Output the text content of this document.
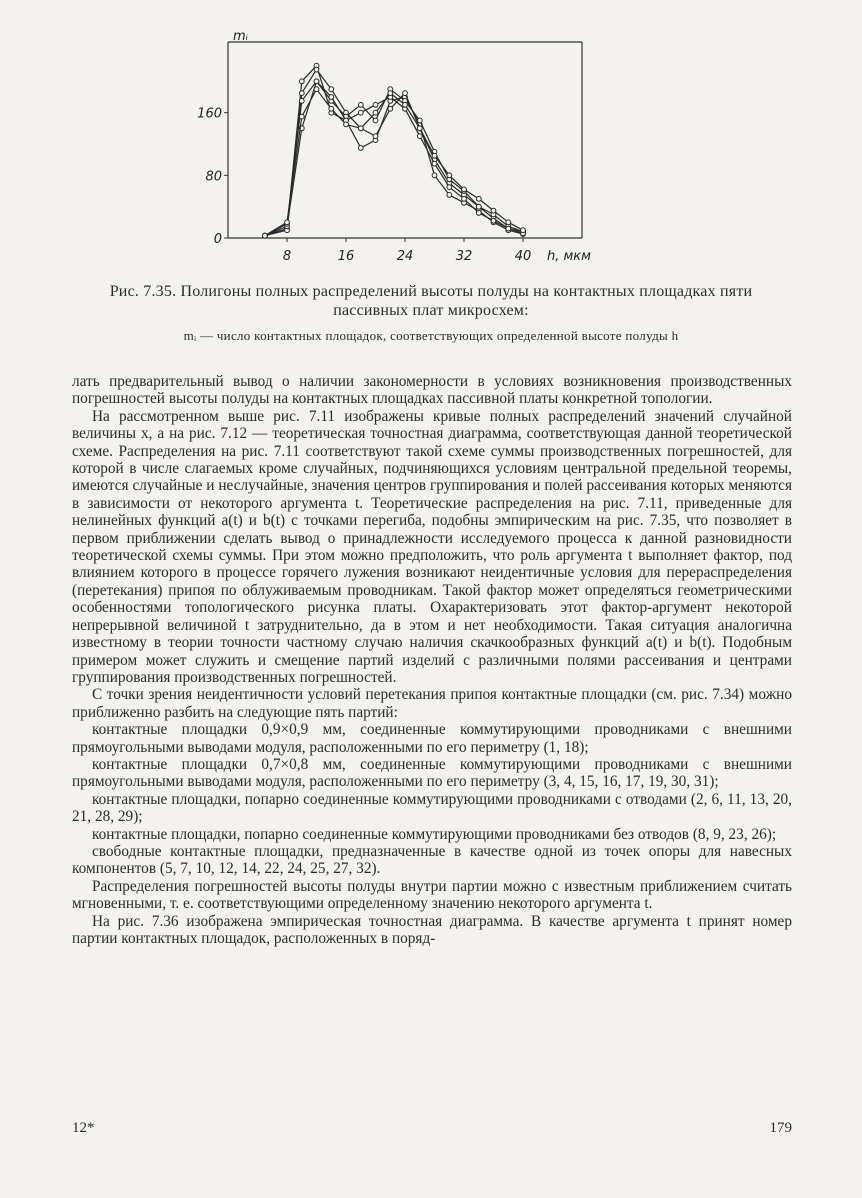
0
80
160
8	16	24	32	40
mᵢ
h, мкм
Рис. 7.35. Полигоны полных распределений высоты полуды на контактных площадках пяти пассивных плат микросхем:
mᵢ — число контактных площадок, соответствующих определенной высоте полуды h

лать предварительный вывод о наличии закономерности в условиях возникновения производственных погрешностей высоты полуды на контактных площадках пассивной платы конкретной топологии.

На рассмотренном выше рис. 7.11 изображены кривые полных распределений значений случайной величины x, а на рис. 7.12 — теоретическая точностная диаграмма, соответствующая данной теоретической схеме. Распределения на рис. 7.11 соответствуют такой схеме суммы производственных погрешностей, для которой в числе слагаемых кроме случайных, подчиняющихся условиям центральной предельной теоремы, имеются случайные и неслучайные, значения центров группирования и полей рассеивания которых меняются в зависимости от некоторого аргумента t. Теоретические распределения на рис. 7.11, приведенные для нелинейных функций a(t) и b(t) с точками перегиба, подобны эмпирическим на рис. 7.35, что позволяет в первом приближении сделать вывод о принадлежности исследуемого процесса к данной разновидности теоретической схемы суммы. При этом можно предположить, что роль аргумента t выполняет фактор, под влиянием которого в процессе горячего лужения возникают неидентичные условия для перераспределения (перетекания) припоя по облуживаемым проводникам. Такой фактор может определяться геометрическими особенностями топологического рисунка платы. Охарактеризовать этот фактор-аргумент некоторой непрерывной величиной t затруднительно, да в этом и нет необходимости. Такая ситуация аналогична известному в теории точности частному случаю наличия скачкообразных функций a(t) и b(t). Подобным примером может служить и смещение партий изделий с различными полями рассеивания и центрами группирования производственных погрешностей.

С точки зрения неидентичности условий перетекания припоя контактные площадки (см. рис. 7.34) можно приближенно разбить на следующие пять партий:

контактные площадки 0,9×0,9 мм, соединенные коммутирующими проводниками с внешними прямоугольными выводами модуля, расположенными по его периметру (1, 18);

контактные площадки 0,7×0,8 мм, соединенные коммутирующими проводниками с внешними прямоугольными выводами модуля, расположенными по его периметру (3, 4, 15, 16, 17, 19, 30, 31);

контактные площадки, попарно соединенные коммутирующими проводниками с отводами (2, 6, 11, 13, 20, 21, 28, 29);

контактные площадки, попарно соединенные коммутирующими проводниками без отводов (8, 9, 23, 26);

свободные контактные площадки, предназначенные в качестве одной из точек опоры для навесных компонентов (5, 7, 10, 12, 14, 22, 24, 25, 27, 32).

Распределения погрешностей высоты полуды внутри партии можно с известным приближением считать мгновенными, т. е. соответствующими определенному значению некоторого аргумента t.

На рис. 7.36 изображена эмпирическая точностная диаграмма. В качестве аргумента t принят номер партии контактных площадок, расположенных в поряд-

12*	179
